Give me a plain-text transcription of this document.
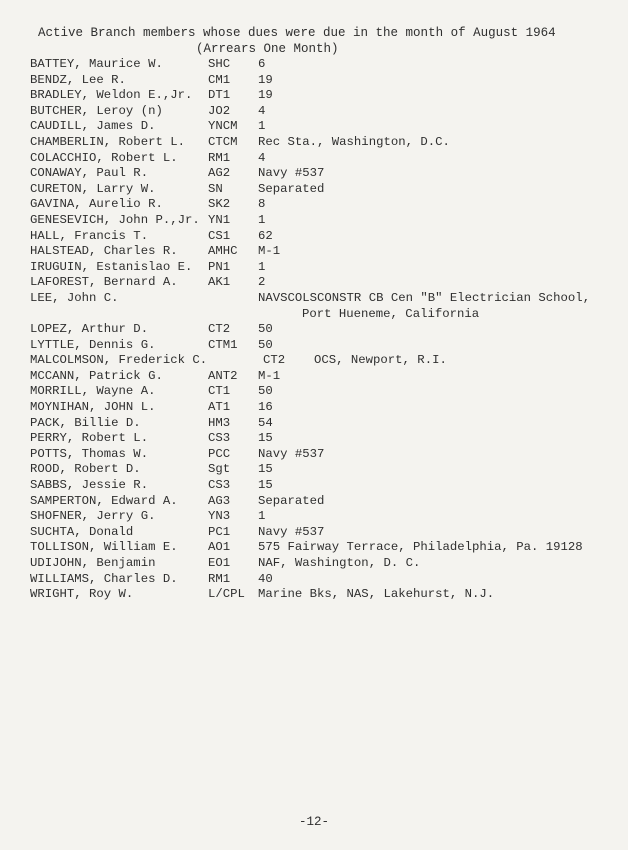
Active Branch members whose dues were due in the month of August 1964
(Arrears One Month)
BATTEY, Maurice W.	SHC 6
BENDZ, Lee R.	CM1 19
BRADLEY, Weldon E.,Jr. DT1 19
BUTCHER, Leroy (n)	JO2 4
CAUDILL, James D.	YNCM 1
CHAMBERLIN, Robert L. CTCM Rec Sta., Washington, D.C.
COLACCHIO, Robert L. RM1 4
CONAWAY, Paul R.	AG2 Navy #537
CURETON, Larry W.	SN	Separated
GAVINA, Aurelio R.	SK2 8
GENESEVICH, John P.,Jr. YN1 1
HALL, Francis T.	CS1 62
HALSTEAD, Charles R. AMHC M-1
IRUGUIN, Estanislao E. PN1 1
LAFOREST, Bernard A. AK1 2
LEE, John C.	NAVSCOLSCONSTR CB Cen "B" Electrician School,
Port Hueneme, California
LOPEZ, Arthur D.	CT2 50
LYTTLE, Dennis G.	CTM1 50
MALCOLMSON, Frederick C.	CT2 OCS, Newport, R.I.
MCCANN, Patrick G.	ANT2 M-1
MORRILL, Wayne A.	CT1 50
MOYNIHAN, JOHN L.	AT1 16
PACK, Billie D.	HM3 54
PERRY, Robert L.	CS3 15
POTTS, Thomas W.	PCC Navy #537
ROOD, Robert D.	Sgt 15
SABBS, Jessie R.	CS3 15
SAMPERTON, Edward A. AG3 Separated
SHOFNER, Jerry G.	YN3 1
SUCHTA, Donald	PC1 Navy #537
TOLLISON, William E. AO1 575 Fairway Terrace, Philadelphia, Pa. 19128
UDIJOHN, Benjamin	EO1 NAF, Washington, D. C.
WILLIAMS, Charles D. RM1 40
WRIGHT, Roy W.	L/CPL Marine Bks, NAS, Lakehurst, N.J.
-12-
